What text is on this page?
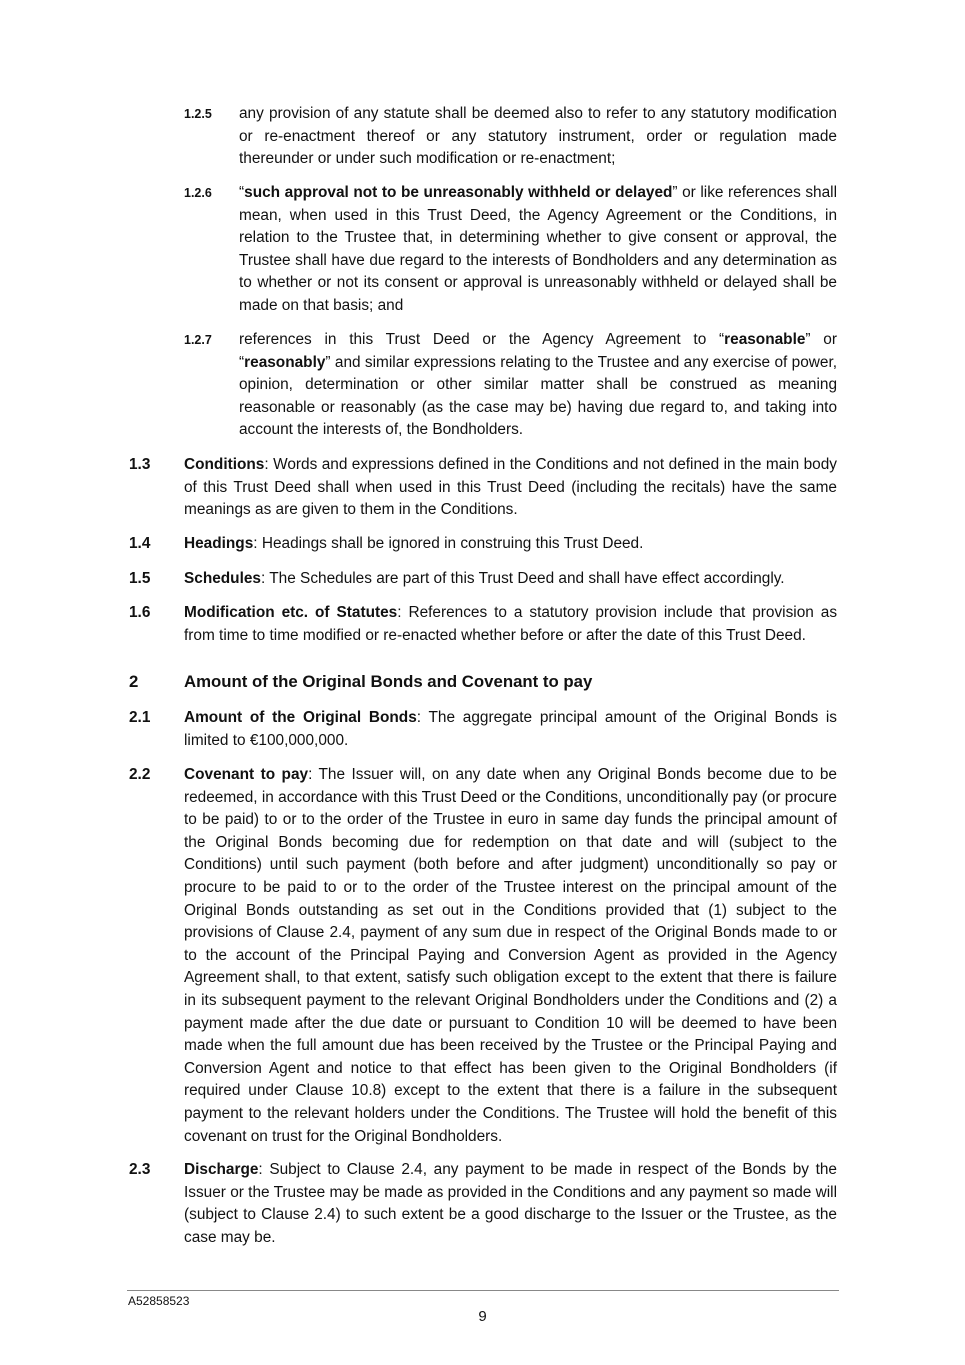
1.2.5 any provision of any statute shall be deemed also to refer to any statutory modification or re-enactment thereof or any statutory instrument, order or regulation made thereunder or under such modification or re-enactment;
1.2.6 “such approval not to be unreasonably withheld or delayed” or like references shall mean, when used in this Trust Deed, the Agency Agreement or the Conditions, in relation to the Trustee that, in determining whether to give consent or approval, the Trustee shall have due regard to the interests of Bondholders and any determination as to whether or not its consent or approval is unreasonably withheld or delayed shall be made on that basis; and
1.2.7 references in this Trust Deed or the Agency Agreement to “reasonable” or “reasonably” and similar expressions relating to the Trustee and any exercise of power, opinion, determination or other similar matter shall be construed as meaning reasonable or reasonably (as the case may be) having due regard to, and taking into account the interests of, the Bondholders.
1.3 Conditions: Words and expressions defined in the Conditions and not defined in the main body of this Trust Deed shall when used in this Trust Deed (including the recitals) have the same meanings as are given to them in the Conditions.
1.4 Headings: Headings shall be ignored in construing this Trust Deed.
1.5 Schedules: The Schedules are part of this Trust Deed and shall have effect accordingly.
1.6 Modification etc. of Statutes: References to a statutory provision include that provision as from time to time modified or re-enacted whether before or after the date of this Trust Deed.
2	Amount of the Original Bonds and Covenant to pay
2.1 Amount of the Original Bonds: The aggregate principal amount of the Original Bonds is limited to €100,000,000.
2.2 Covenant to pay: The Issuer will, on any date when any Original Bonds become due to be redeemed, in accordance with this Trust Deed or the Conditions, unconditionally pay (or procure to be paid) to or to the order of the Trustee in euro in same day funds the principal amount of the Original Bonds becoming due for redemption on that date and will (subject to the Conditions) until such payment (both before and after judgment) unconditionally so pay or procure to be paid to or to the order of the Trustee interest on the principal amount of the Original Bonds outstanding as set out in the Conditions provided that (1) subject to the provisions of Clause 2.4, payment of any sum due in respect of the Original Bonds made to or to the account of the Principal Paying and Conversion Agent as provided in the Agency Agreement shall, to that extent, satisfy such obligation except to the extent that there is failure in its subsequent payment to the relevant Original Bondholders under the Conditions and (2) a payment made after the due date or pursuant to Condition 10 will be deemed to have been made when the full amount due has been received by the Trustee or the Principal Paying and Conversion Agent and notice to that effect has been given to the Original Bondholders (if required under Clause 10.8) except to the extent that there is a failure in the subsequent payment to the relevant holders under the Conditions. The Trustee will hold the benefit of this covenant on trust for the Original Bondholders.
2.3 Discharge: Subject to Clause 2.4, any payment to be made in respect of the Bonds by the Issuer or the Trustee may be made as provided in the Conditions and any payment so made will (subject to Clause 2.4) to such extent be a good discharge to the Issuer or the Trustee, as the case may be.
A52858523
9
